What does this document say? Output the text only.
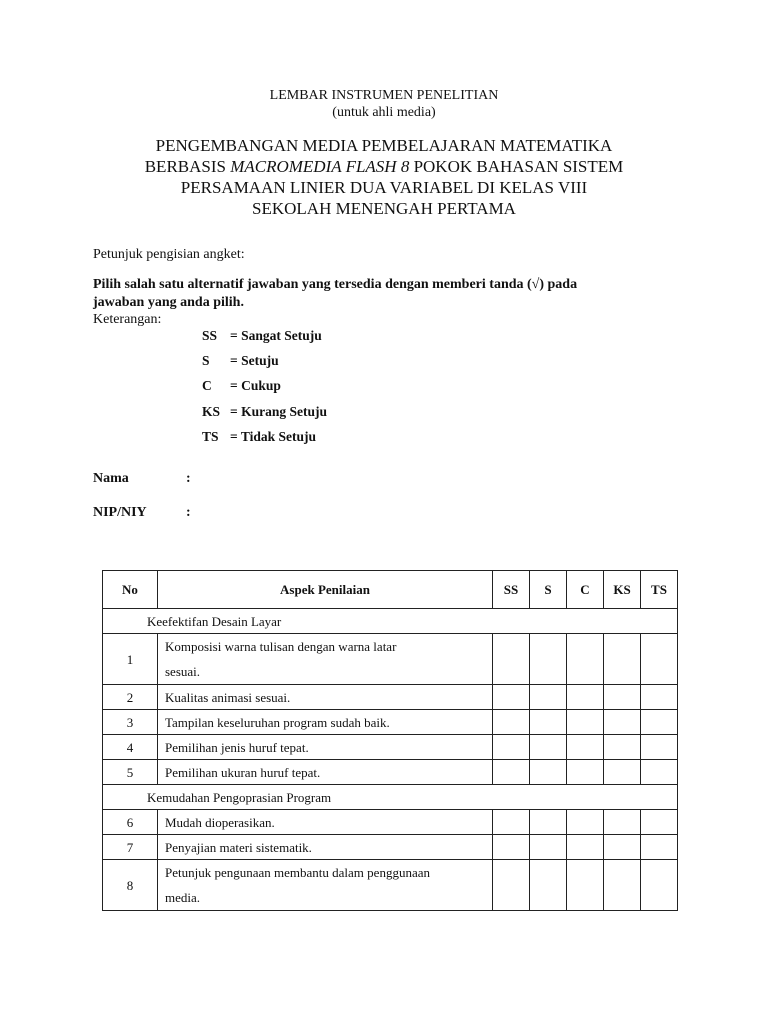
LEMBAR INSTRUMEN PENELITIAN
(untuk ahli media)
PENGEMBANGAN MEDIA PEMBELAJARAN MATEMATIKA
BERBASIS MACROMEDIA FLASH 8 POKOK BAHASAN SISTEM
PERSAMAAN LINIER DUA VARIABEL DI KELAS VIII
SEKOLAH MENENGAH PERTAMA
Petunjuk pengisian angket:
Pilih salah satu alternatif jawaban yang tersedia dengan memberi tanda (√) pada
jawaban yang anda pilih.
Keterangan:
SS = Sangat Setuju
S = Setuju
C = Cukup
KS = Kurang Setuju
TS = Tidak Setuju
Nama	:
NIP/NIY	:
No	Aspek Penilaian	SS	S	C	KS	TS
Keefektifan Desain Layar						
1	Komposisi warna tulisan dengan warna latar
sesuai.					
2	Kualitas animasi sesuai.					
3	Tampilan keseluruhan program sudah baik.					
4	Pemilihan jenis huruf tepat.					
5	Pemilihan ukuran huruf tepat.					
Kemudahan Pengoprasian Program						
6	Mudah dioperasikan.					
7	Penyajian materi sistematik.					
8	Petunjuk pengunaan membantu dalam penggunaan
media.					
